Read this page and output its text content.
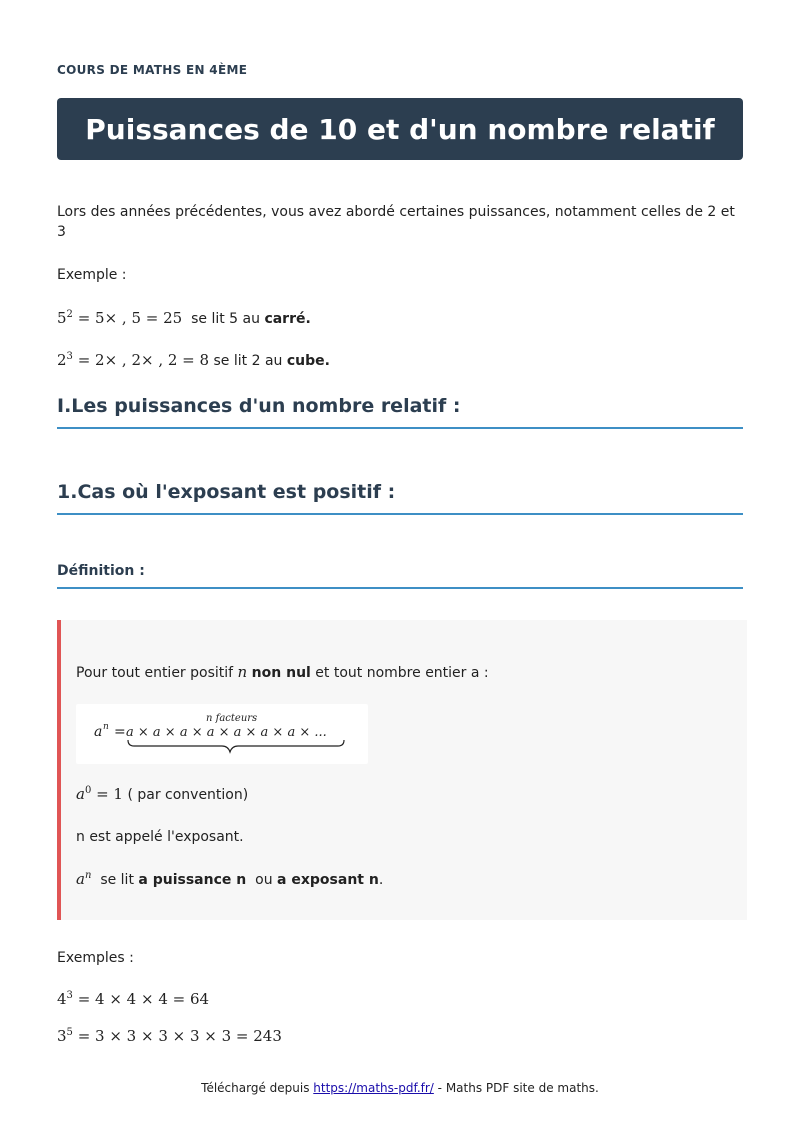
COURS DE MATHS EN 4ÈME
Puissances de 10 et d'un nombre relatif
Lors des années précédentes, vous avez abordé certaines puissances, notamment celles de 2 et 3
Exemple :
$5^2 = 5\times$ , 5 = 25 se lit 5 au carré.
$2^3 = 2\times$ , 2× , 2 = 8 se lit 2 au cube.
I.Les puissances d'un nombre relatif :
1.Cas où l'exposant est positif :
Définition :
Pour tout entier positif n non nul et tout nombre entier a :
n facteurs
a n = a × a × a × a × a × a × a × ...
$a^0 = 1$ ( par convention)
n est appelé l'exposant.
$a^n$ se lit a puissance n ou a exposant n.
Exemples :
$4^3 = 4 \times 4 \times 4 = 64$
$3^5 = 3 \times 3 \times 3 \times 3 \times 3 = 243$
Téléchargé depuis https://maths-pdf.fr/ - Maths PDF site de maths.
